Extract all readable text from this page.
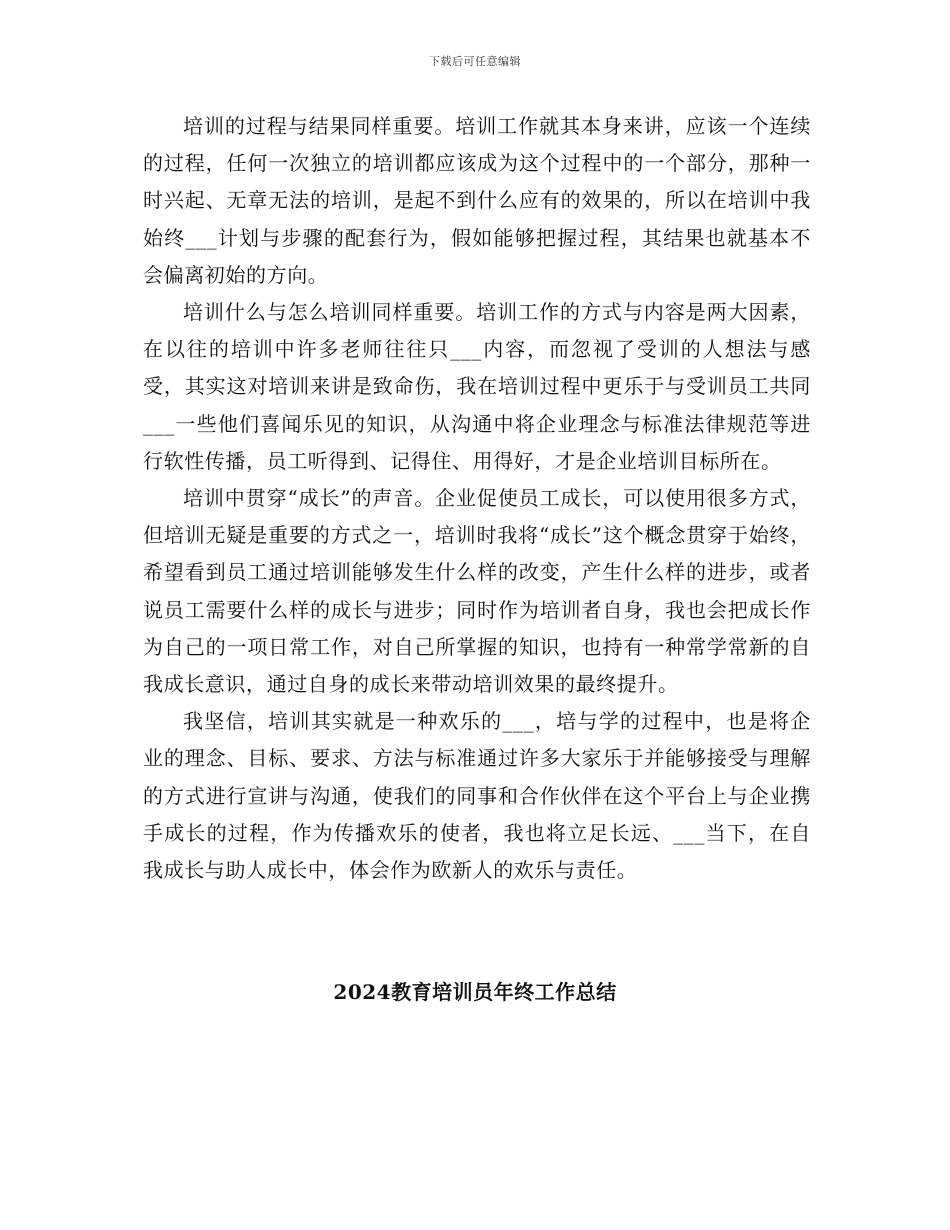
下载后可任意编辑

培训的过程与结果同样重要。培训工作就其本身来讲，应该一个连续的过程，任何一次独立的培训都应该成为这个过程中的一个部分，那种一时兴起、无章无法的培训，是起不到什么应有的效果的，所以在培训中我始终___计划与步骤的配套行为，假如能够把握过程，其结果也就基本不会偏离初始的方向。

培训什么与怎么培训同样重要。培训工作的方式与内容是两大因素，在以往的培训中许多老师往往只___内容，而忽视了受训的人想法与感受，其实这对培训来讲是致命伤，我在培训过程中更乐于与受训员工共同___一些他们喜闻乐见的知识，从沟通中将企业理念与标准法律规范等进行软性传播，员工听得到、记得住、用得好，才是企业培训目标所在。

培训中贯穿“成长”的声音。企业促使员工成长，可以使用很多方式，但培训无疑是重要的方式之一，培训时我将“成长”这个概念贯穿于始终，希望看到员工通过培训能够发生什么样的改变，产生什么样的进步，或者说员工需要什么样的成长与进步；同时作为培训者自身，我也会把成长作为自己的一项日常工作，对自己所掌握的知识，也持有一种常学常新的自我成长意识，通过自身的成长来带动培训效果的最终提升。

我坚信，培训其实就是一种欢乐的___，培与学的过程中，也是将企业的理念、目标、要求、方法与标准通过许多大家乐于并能够接受与理解的方式进行宣讲与沟通，使我们的同事和合作伙伴在这个平台上与企业携手成长的过程，作为传播欢乐的使者，我也将立足长远、___当下，在自我成长与助人成长中，体会作为欧新人的欢乐与责任。

2024教育培训员年终工作总结
